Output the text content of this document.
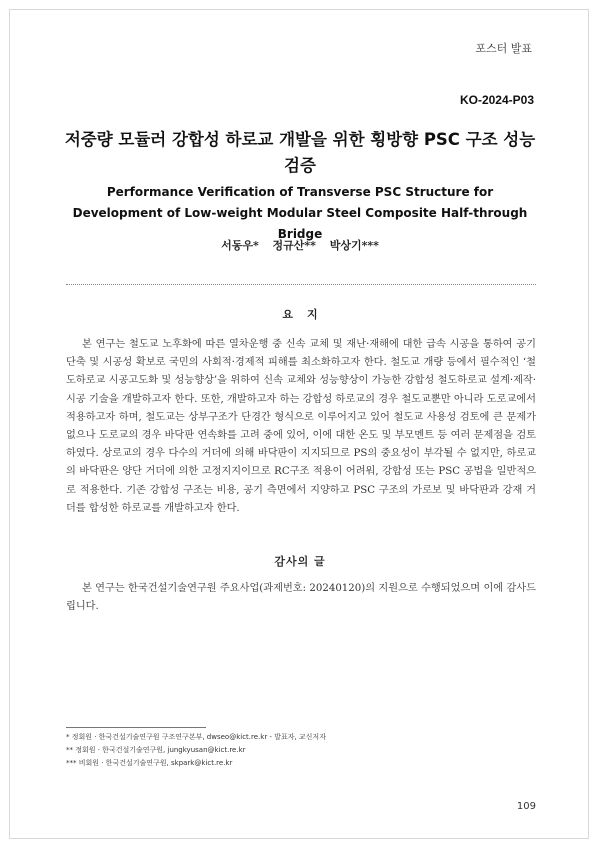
포스터 발표
KO-2024-P03
저중량 모듈러 강합성 하로교 개발을 위한 횡방향 PSC 구조 성능 검증
Performance Verification of Transverse PSC Structure for Development of Low-weight Modular Steel Composite Half-through Bridge
서동우* 정규산** 박상기***
요지

본 연구는 철도교 노후화에 따른 열차운행 중 신속 교체 및 재난·재해에 대한 급속 시공을 통하여 공기단축 및 시공성 확보로 국민의 사회적·경제적 피해를 최소화하고자 한다. 철도교 개량 등에서 필수적인 ‘철도하로교 시공고도화 및 성능향상’을 위하여 신속 교체와 성능향상이 가능한 강합성 철도하로교 설계·제작·시공 기술을 개발하고자 한다. 또한, 개발하고자 하는 강합성 하로교의 경우 철도교뿐만 아니라 도로교에서 적용하고자 하며, 철도교는 상부구조가 단경간 형식으로 이루어지고 있어 철도교 사용성 검토에 큰 문제가 없으나 도로교의 경우 바닥판 연속화를 고려 중에 있어, 이에 대한 온도 및 부모멘트 등 여러 문제점을 검토하였다. 상로교의 경우 다수의 거더에 의해 바닥판이 지지되므로 PS의 중요성이 부각될 수 없지만, 하로교의 바닥판은 양단 거더에 의한 고정지지이므로 RC구조 적용이 어려워, 강합성 또는 PSC 공법을 일반적으로 적용한다. 기존 강합성 구조는 비용, 공기 측면에서 지양하고 PSC 구조의 가로보 및 바닥판과 강재 거더를 합성한 하로교를 개발하고자 한다.

감사의 글

본 연구는 한국건설기술연구원 주요사업(과제번호: 20240120)의 지원으로 수행되었으며 이에 감사드립니다.

* 정회원 · 한국건설기술연구원 구조연구본부, dwseo@kict.re.kr - 발표자, 교신저자
** 정회원 · 한국건설기술연구원, jungkyusan@kict.re.kr
*** 비회원 · 한국건설기술연구원, skpark@kict.re.kr
109
